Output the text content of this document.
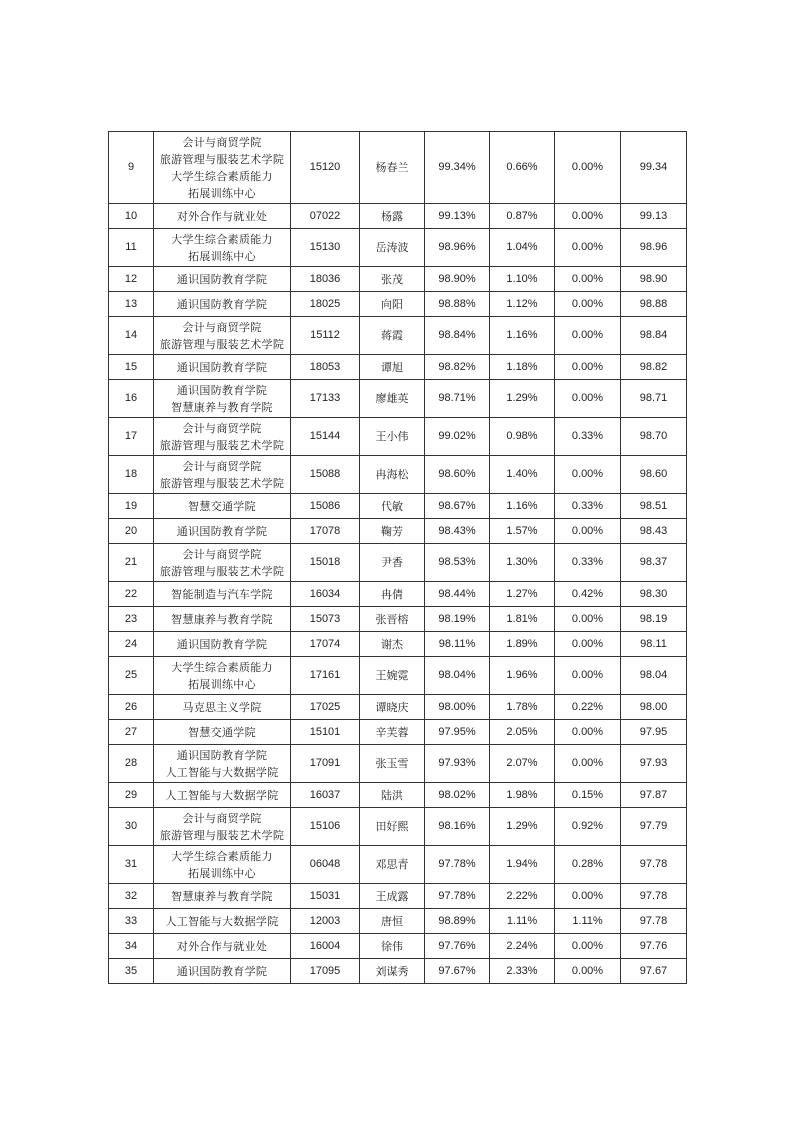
9	会计与商贸学院
旅游管理与服装艺术学院
大学生综合素质能力
拓展训练中心	15120	杨春兰	99.34%	0.66%	0.00%	99.34
10	对外合作与就业处	07022	杨露	99.13%	0.87%	0.00%	99.13
11	大学生综合素质能力
拓展训练中心	15130	岳涛波	98.96%	1.04%	0.00%	98.96
12	通识国防教育学院	18036	张茂	98.90%	1.10%	0.00%	98.90
13	通识国防教育学院	18025	向阳	98.88%	1.12%	0.00%	98.88
14	会计与商贸学院
旅游管理与服装艺术学院	15112	蒋霞	98.84%	1.16%	0.00%	98.84
15	通识国防教育学院	18053	谭旭	98.82%	1.18%	0.00%	98.82
16	通识国防教育学院
智慧康养与教育学院	17133	廖雄英	98.71%	1.29%	0.00%	98.71
17	会计与商贸学院
旅游管理与服装艺术学院	15144	王小伟	99.02%	0.98%	0.33%	98.70
18	会计与商贸学院
旅游管理与服装艺术学院	15088	冉海松	98.60%	1.40%	0.00%	98.60
19	智慧交通学院	15086	代敏	98.67%	1.16%	0.33%	98.51
20	通识国防教育学院	17078	鞠芳	98.43%	1.57%	0.00%	98.43
21	会计与商贸学院
旅游管理与服装艺术学院	15018	尹香	98.53%	1.30%	0.33%	98.37
22	智能制造与汽车学院	16034	冉倩	98.44%	1.27%	0.42%	98.30
23	智慧康养与教育学院	15073	张晋榕	98.19%	1.81%	0.00%	98.19
24	通识国防教育学院	17074	谢杰	98.11%	1.89%	0.00%	98.11
25	大学生综合素质能力
拓展训练中心	17161	王婉霓	98.04%	1.96%	0.00%	98.04
26	马克思主义学院	17025	谭晓庆	98.00%	1.78%	0.22%	98.00
27	智慧交通学院	15101	辛芙蓉	97.95%	2.05%	0.00%	97.95
28	通识国防教育学院
人工智能与大数据学院	17091	张玉雪	97.93%	2.07%	0.00%	97.93
29	人工智能与大数据学院	16037	陆洪	98.02%	1.98%	0.15%	97.87
30	会计与商贸学院
旅游管理与服装艺术学院	15106	田好熙	98.16%	1.29%	0.92%	97.79
31	大学生综合素质能力
拓展训练中心	06048	邓思青	97.78%	1.94%	0.28%	97.78
32	智慧康养与教育学院	15031	王成露	97.78%	2.22%	0.00%	97.78
33	人工智能与大数据学院	12003	唐恒	98.89%	1.11%	1.11%	97.78
34	对外合作与就业处	16004	徐伟	97.76%	2.24%	0.00%	97.76
35	通识国防教育学院	17095	刘谋秀	97.67%	2.33%	0.00%	97.67
